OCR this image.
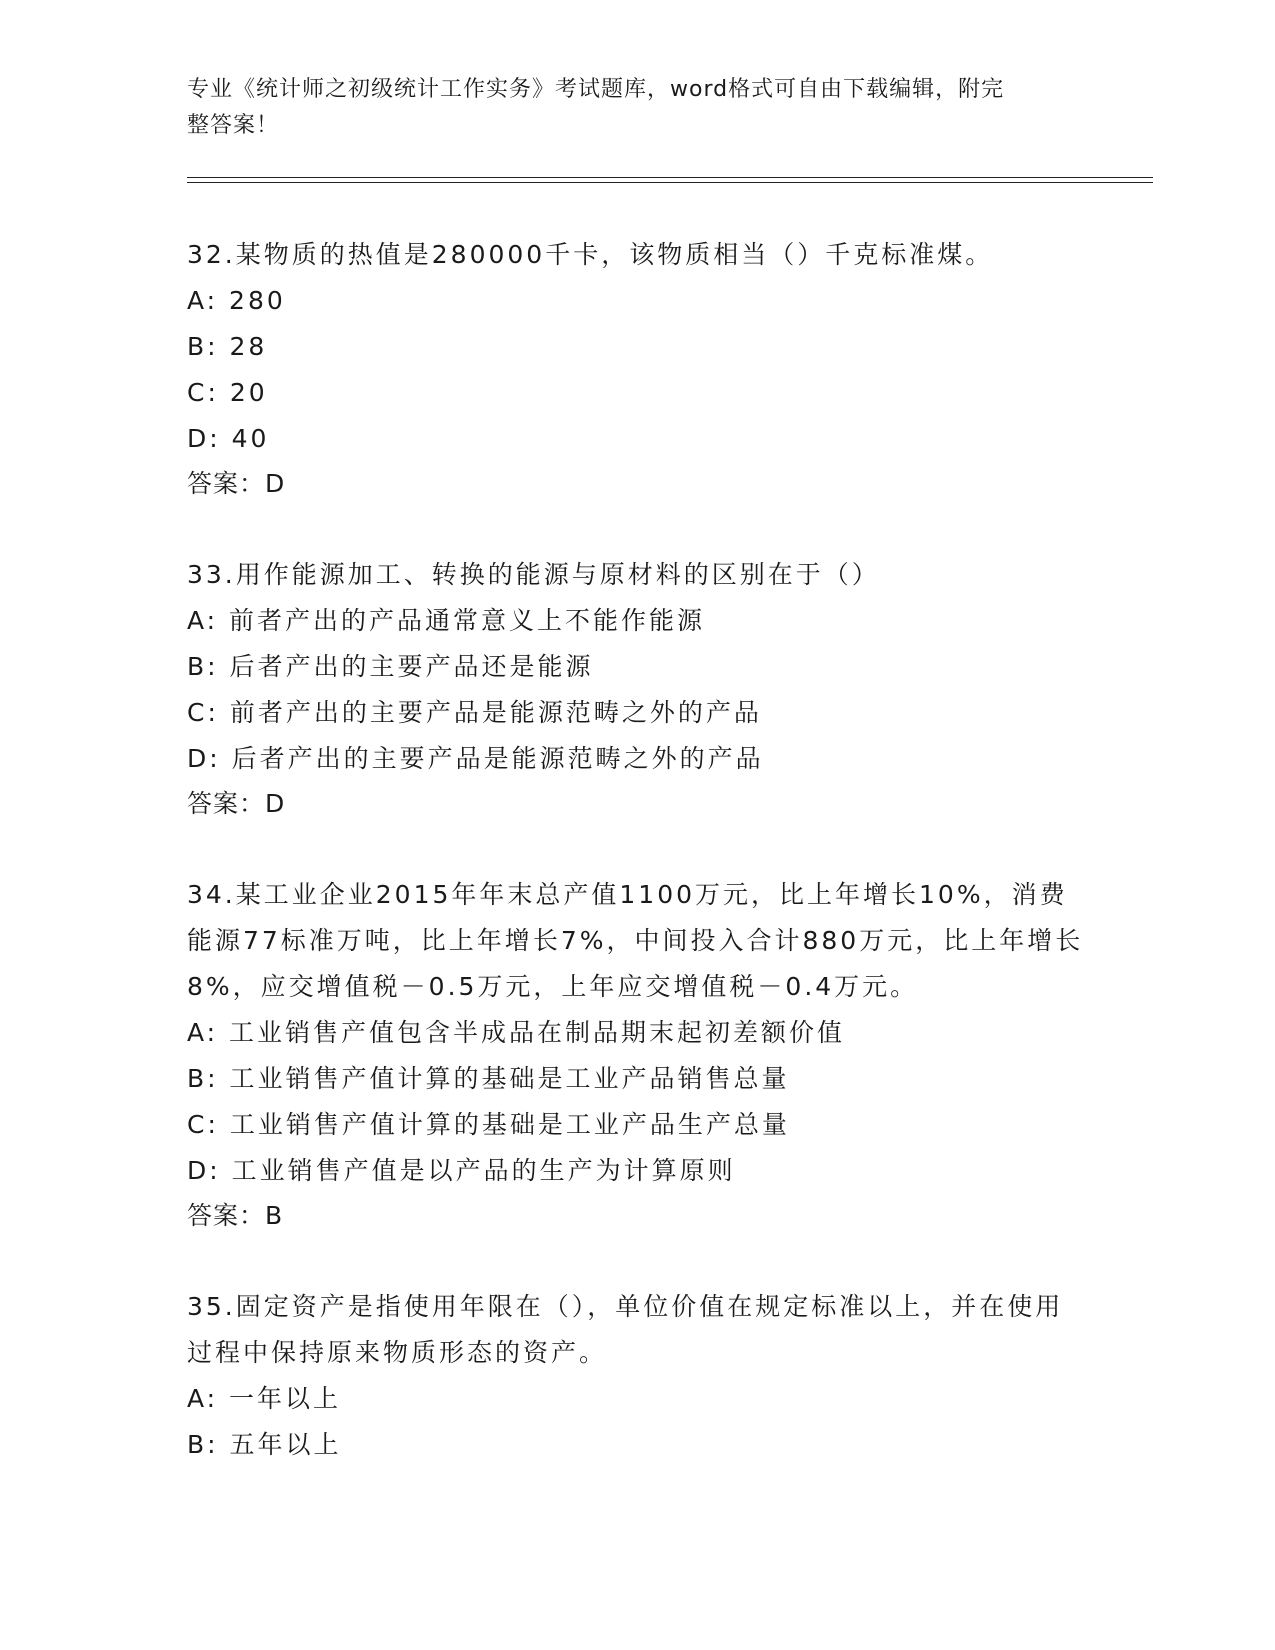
专业《统计师之初级统计工作实务》考试题库，word格式可自由下载编辑，附完
整答案！
32.某物质的热值是280000千卡，该物质相当（）千克标准煤。
A: 280
B: 28
C: 20
D: 40
答案：D
33.用作能源加工、转换的能源与原材料的区别在于（）
A: 前者产出的产品通常意义上不能作能源
B: 后者产出的主要产品还是能源
C: 前者产出的主要产品是能源范畴之外的产品
D: 后者产出的主要产品是能源范畴之外的产品
答案：D
34.某工业企业2015年年末总产值1100万元，比上年增长10%，消费能源77标准万吨，比上年增长7%，中间投入合计880万元，比上年增长8%，应交增值税－0.5万元，上年应交增值税－0.4万元。
A: 工业销售产值包含半成品在制品期末起初差额价值
B: 工业销售产值计算的基础是工业产品销售总量
C: 工业销售产值计算的基础是工业产品生产总量
D: 工业销售产值是以产品的生产为计算原则
答案：B
35.固定资产是指使用年限在（），单位价值在规定标准以上，并在使用过程中保持原来物质形态的资产。
A: 一年以上
B: 五年以上
